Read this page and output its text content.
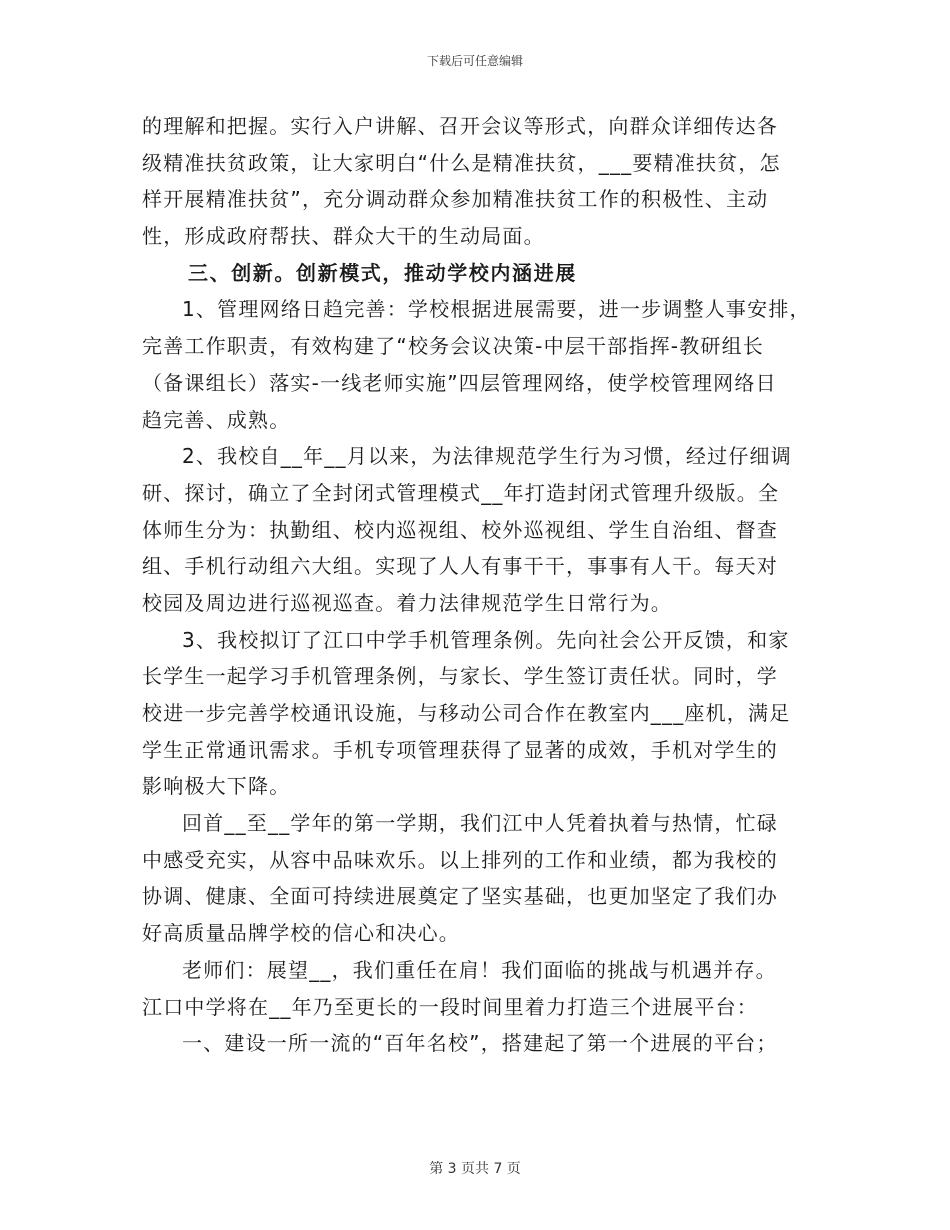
下载后可任意编辑
的理解和把握。实行入户讲解、召开会议等形式，向群众详细传达各
级精准扶贫政策，让大家明白“什么是精准扶贫，___要精准扶贫，怎
样开展精准扶贫”，充分调动群众参加精准扶贫工作的积极性、主动
性，形成政府帮扶、群众大干的生动局面。
三、创新。创新模式，推动学校内涵进展
1、管理网络日趋完善：学校根据进展需要，进一步调整人事安排，
完善工作职责，有效构建了“校务会议决策-中层干部指挥-教研组长
（备课组长）落实-一线老师实施”四层管理网络，使学校管理网络日
趋完善、成熟。
2、我校自__年__月以来，为法律规范学生行为习惯，经过仔细调
研、探讨，确立了全封闭式管理模式__年打造封闭式管理升级版。全
体师生分为：执勤组、校内巡视组、校外巡视组、学生自治组、督查
组、手机行动组六大组。实现了人人有事干干，事事有人干。每天对
校园及周边进行巡视巡查。着力法律规范学生日常行为。
3、我校拟订了江口中学手机管理条例。先向社会公开反馈，和家
长学生一起学习手机管理条例，与家长、学生签订责任状。同时，学
校进一步完善学校通讯设施，与移动公司合作在教室内___座机，满足
学生正常通讯需求。手机专项管理获得了显著的成效，手机对学生的
影响极大下降。
回首__至__学年的第一学期，我们江中人凭着执着与热情，忙碌
中感受充实，从容中品味欢乐。以上排列的工作和业绩，都为我校的
协调、健康、全面可持续进展奠定了坚实基础，也更加坚定了我们办
好高质量品牌学校的信心和决心。
老师们：展望__，我们重任在肩！我们面临的挑战与机遇并存。
江口中学将在__年乃至更长的一段时间里着力打造三个进展平台：
一、建设一所一流的“百年名校”，搭建起了第一个进展的平台；
第 3 页共 7 页
